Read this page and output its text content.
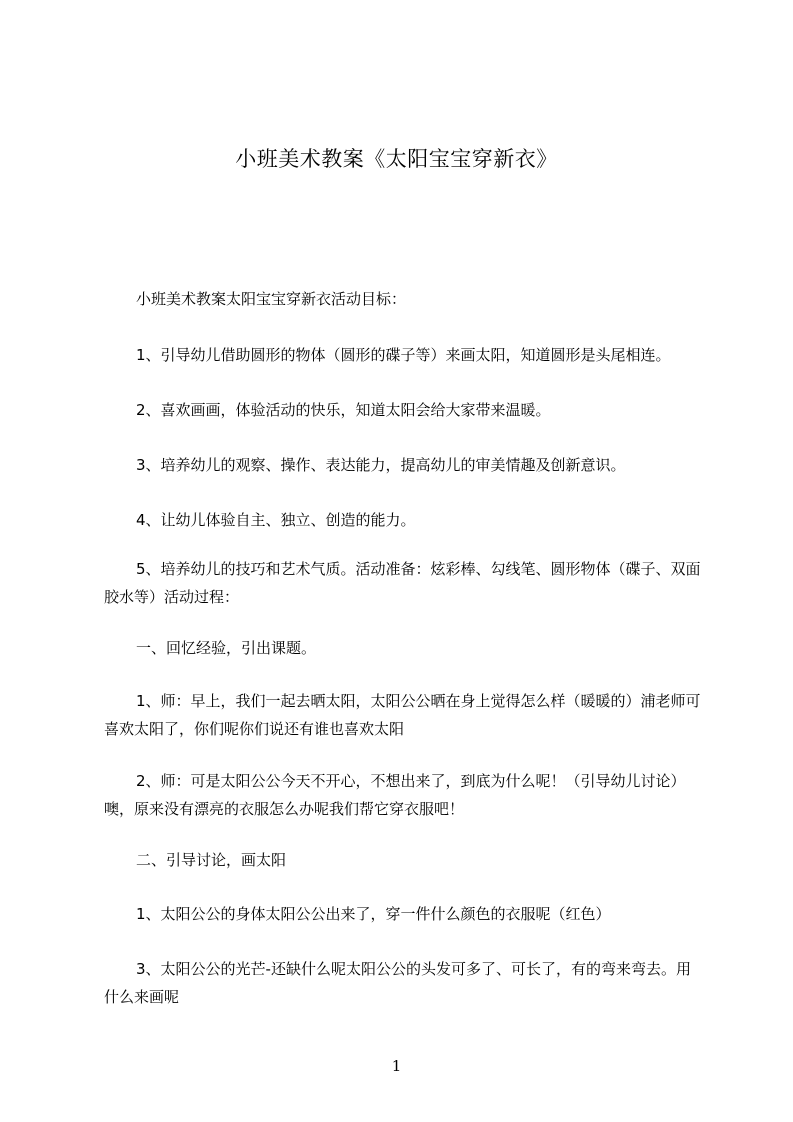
小班美术教案《太阳宝宝穿新衣》

小班美术教案太阳宝宝穿新衣活动目标：

1、引导幼儿借助圆形的物体（圆形的碟子等）来画太阳，知道圆形是头尾相连。

2、喜欢画画，体验活动的快乐，知道太阳会给大家带来温暖。

3、培养幼儿的观察、操作、表达能力，提高幼儿的审美情趣及创新意识。

4、让幼儿体验自主、独立、创造的能力。

5、培养幼儿的技巧和艺术气质。活动准备：炫彩棒、勾线笔、圆形物体（碟子、双面胶水等）活动过程：

一、回忆经验，引出课题。

1、师：早上，我们一起去晒太阳，太阳公公晒在身上觉得怎么样（暖暖的）浦老师可喜欢太阳了，你们呢你们说还有谁也喜欢太阳

2、师：可是太阳公公今天不开心，不想出来了，到底为什么呢！（引导幼儿讨论）噢，原来没有漂亮的衣服怎么办呢我们帮它穿衣服吧！

二、引导讨论，画太阳

1、太阳公公的身体太阳公公出来了，穿一件什么颜色的衣服呢（红色）

3、太阳公公的光芒-还缺什么呢太阳公公的头发可多了、可长了，有的弯来弯去。用什么来画呢

1
